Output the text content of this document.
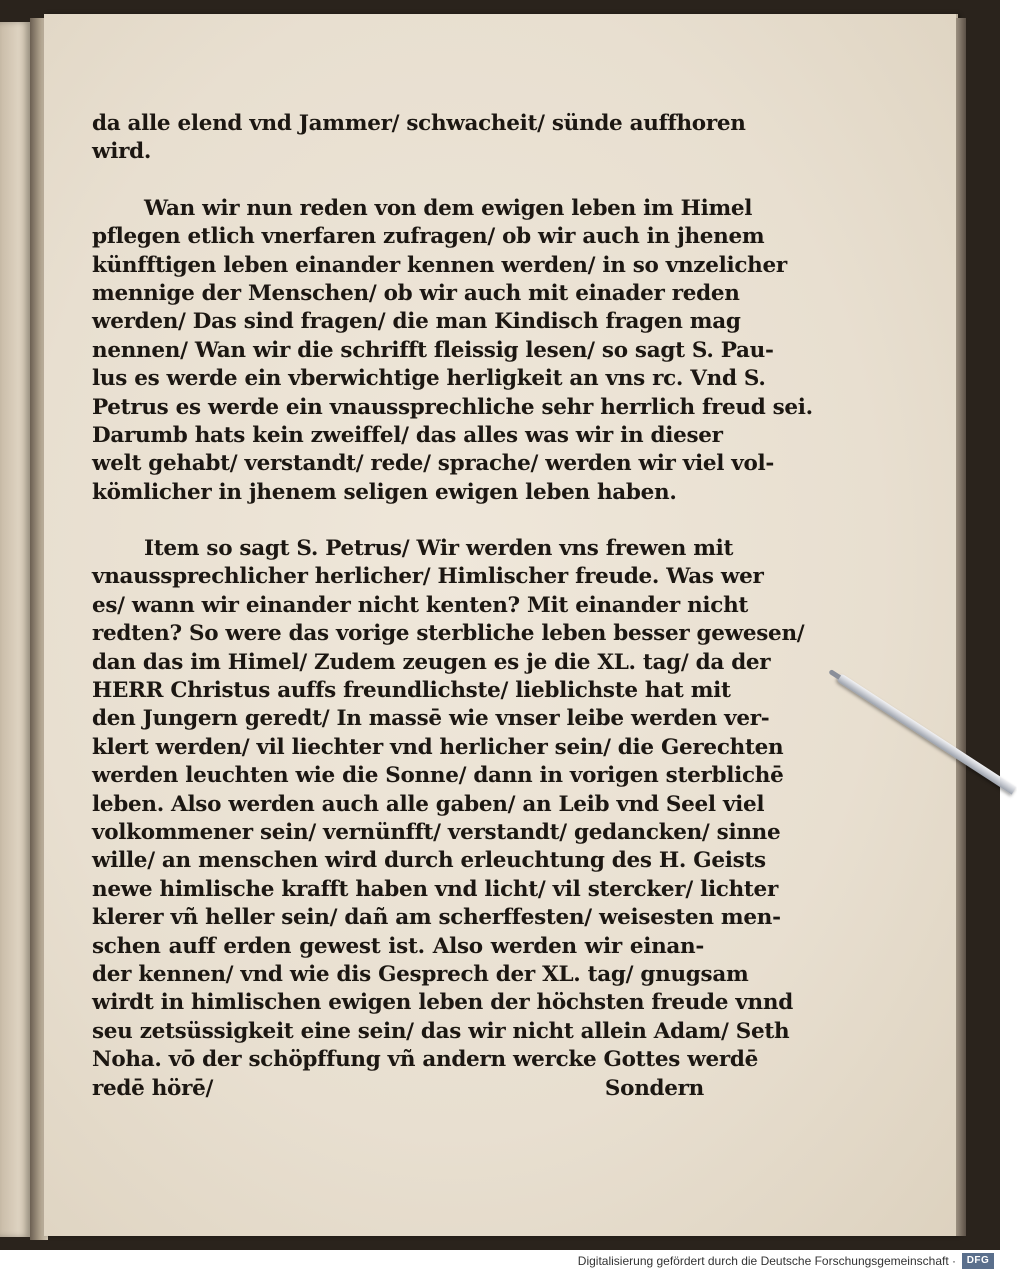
da alle elend vnd Jammer/ schwacheit/ sünde auffhoren
wird.
Wan wir nun reden von dem ewigen leben im Himel
pflegen etlich vnerfaren zufragen/ ob wir auch in jhenem
künfftigen leben einander kennen werden/ in so vnzelicher
mennige der Menschen/ ob wir auch mit einader reden
werden/ Das sind fragen/ die man Kindisch fragen mag
nennen/ Wan wir die schrifft fleissig lesen/ so sagt S. Pau-
lus es werde ein vberwichtige herligkeit an vns rc. Vnd S.
Petrus es werde ein vnaussprechliche sehr herrlich freud sei.
Darumb hats kein zweiffel/ das alles was wir in dieser
welt gehabt/ verstandt/ rede/ sprache/ werden wir viel vol-
kömlicher in jhenem seligen ewigen leben haben.
Item so sagt S. Petrus/ Wir werden vns frewen mit
vnaussprechlicher herlicher/ Himlischer freude. Was wer
es/ wann wir einander nicht kenten? Mit einander nicht
redten? So were das vorige sterbliche leben besser gewesen/
dan das im Himel/ Zudem zeugen es je die XL. tag/ da der
HERR Christus auffs freundlichste/ lieblichste hat mit
den Jungern geredt/ In massē wie vnser leibe werden ver-
klert werden/ vil liechter vnd herlicher sein/ die Gerechten
werden leuchten wie die Sonne/ dann in vorigen sterblichē
leben. Also werden auch alle gaben/ an Leib vnd Seel viel
volkommener sein/ vernünfft/ verstandt/ gedancken/ sinne
wille/ an menschen wird durch erleuchtung des H. Geists
newe himlische krafft haben vnd licht/ vil stercker/ lichter
klerer vñ heller sein/ dañ am scherffesten/ weisesten men-
schen auff erden gewest ist. Also werden wir einan-
der kennen/ vnd wie dis Gesprech der XL. tag/ gnugsam
wirdt in himlischen ewigen leben der höchsten freude vnnd
seu zetsüssigkeit eine sein/ das wir nicht allein Adam/ Seth
Noha. vō der schöpffung vñ andern wercke Gottes werdē
redē hörē/	Sondern
Digitalisierung gefördert durch die Deutsche Forschungsgemeinschaft ·	DFG
